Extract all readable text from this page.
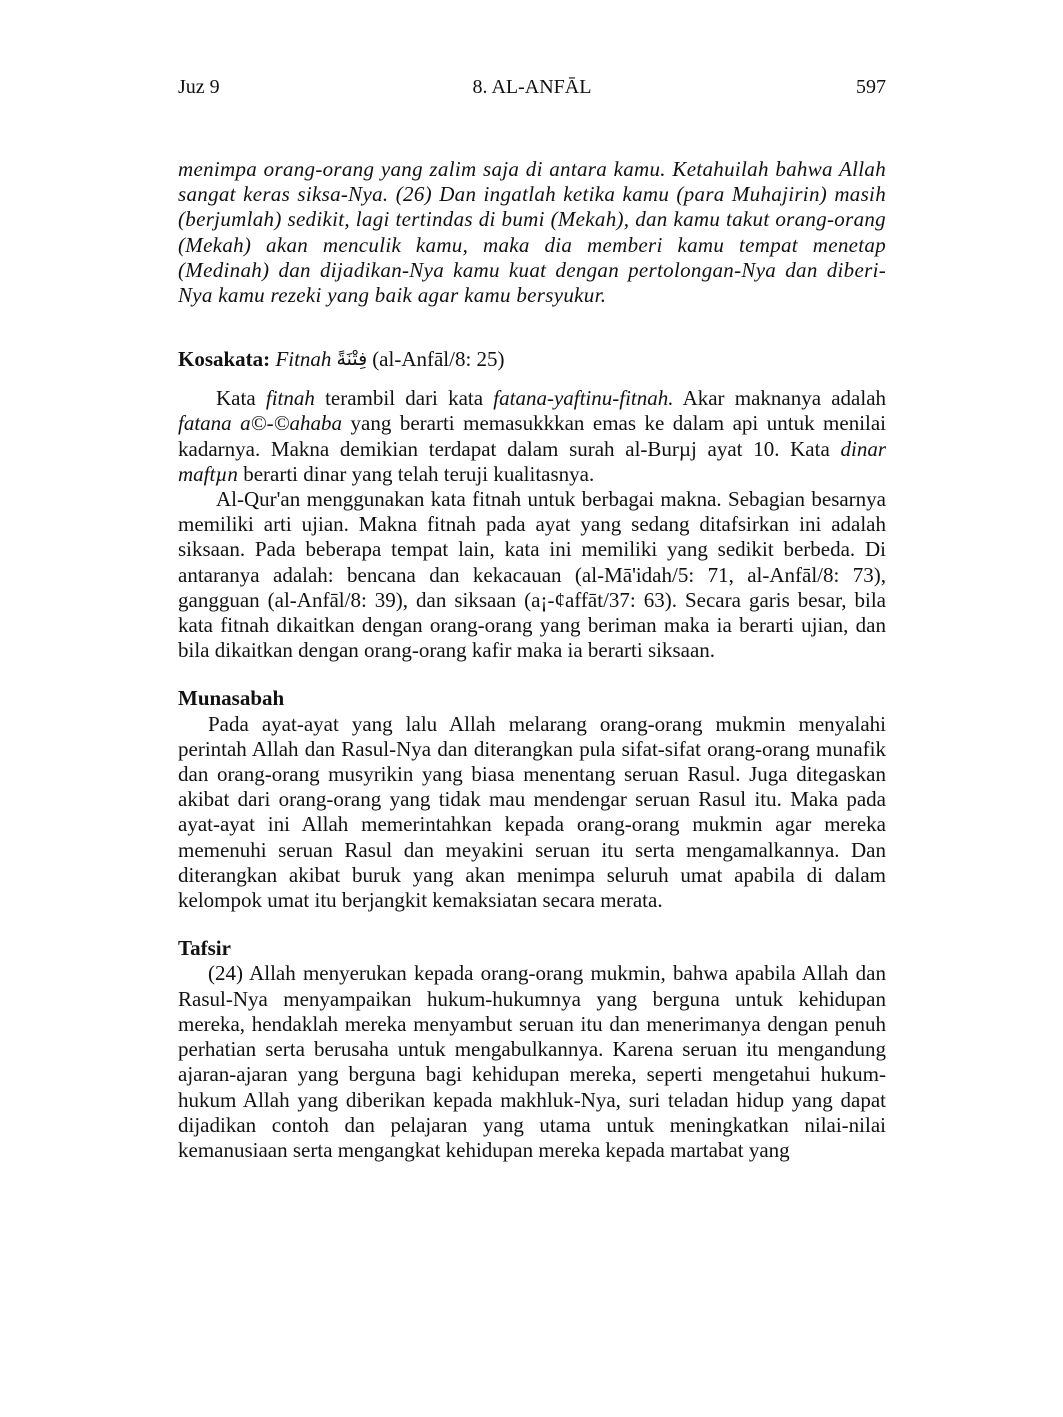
Juz 9	8. AL-ANFĀL	597

menimpa orang-orang yang zalim saja di antara kamu. Ketahuilah bahwa Allah sangat keras siksa-Nya. (26) Dan ingatlah ketika kamu (para Muhajirin) masih (berjumlah) sedikit, lagi tertindas di bumi (Mekah), dan kamu takut orang-orang (Mekah) akan menculik kamu, maka dia memberi kamu tempat menetap (Medinah) dan dijadikan-Nya kamu kuat dengan pertolongan-Nya dan diberi-Nya kamu rezeki yang baik agar kamu bersyukur.

Kosakata: Fitnah فِتْنَةً (al-Anfāl/8: 25)

Kata fitnah terambil dari kata fatana-yaftinu-fitnah. Akar maknanya adalah fatana a©-©ahaba yang berarti memasukkkan emas ke dalam api untuk menilai kadarnya. Makna demikian terdapat dalam surah al-Burµj ayat 10. Kata dinar maftµn berarti dinar yang telah teruji kualitasnya.

Al-Qur'an menggunakan kata fitnah untuk berbagai makna. Sebagian besarnya memiliki arti ujian. Makna fitnah pada ayat yang sedang ditafsirkan ini adalah siksaan. Pada beberapa tempat lain, kata ini memiliki yang sedikit berbeda. Di antaranya adalah: bencana dan kekacauan (al-Mā'idah/5: 71, al-Anfāl/8: 73), gangguan (al-Anfāl/8: 39), dan siksaan (a¡-¢affāt/37: 63). Secara garis besar, bila kata fitnah dikaitkan dengan orang-orang yang beriman maka ia berarti ujian, dan bila dikaitkan dengan orang-orang kafir maka ia berarti siksaan.

Munasabah

Pada ayat-ayat yang lalu Allah melarang orang-orang mukmin menyalahi perintah Allah dan Rasul-Nya dan diterangkan pula sifat-sifat orang-orang munafik dan orang-orang musyrikin yang biasa menentang seruan Rasul. Juga ditegaskan akibat dari orang-orang yang tidak mau mendengar seruan Rasul itu. Maka pada ayat-ayat ini Allah memerintahkan kepada orang-orang mukmin agar mereka memenuhi seruan Rasul dan meyakini seruan itu serta mengamalkannya. Dan diterangkan akibat buruk yang akan menimpa seluruh umat apabila di dalam kelompok umat itu berjangkit kemaksiatan secara merata.

Tafsir

(24) Allah menyerukan kepada orang-orang mukmin, bahwa apabila Allah dan Rasul-Nya menyampaikan hukum-hukumnya yang berguna untuk kehidupan mereka, hendaklah mereka menyambut seruan itu dan menerimanya dengan penuh perhatian serta berusaha untuk mengabulkannya. Karena seruan itu mengandung ajaran-ajaran yang berguna bagi kehidupan mereka, seperti mengetahui hukum-hukum Allah yang diberikan kepada makhluk-Nya, suri teladan hidup yang dapat dijadikan contoh dan pelajaran yang utama untuk meningkatkan nilai-nilai kemanusiaan serta mengangkat kehidupan mereka kepada martabat yang
